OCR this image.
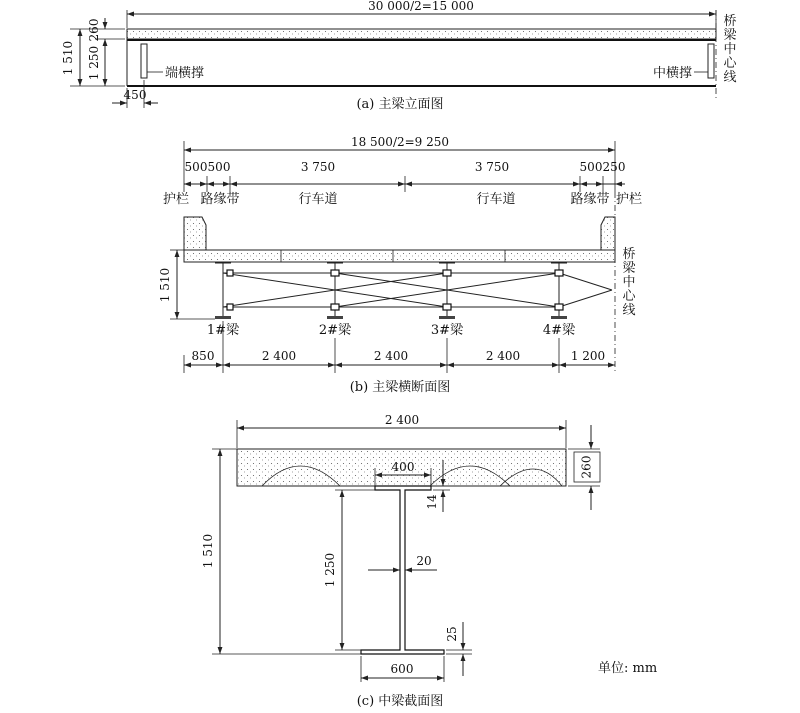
30 000/2=15 000
端横撑	中横撑
桥
梁
中
心
线
1 510
260
1 250
450
(a) 主梁立面图
18 500/2=9 250
500 500	3 750	3 750	500 250
护栏 路缘带	行车道	行车道	路缘带 护栏
桥
梁
中
心
线
1 510
1#梁	2#梁	3#梁	4#梁
850	2 400	2 400	2 400	1 200
(b) 主梁横断面图
2 400
260
400
14
20
1 250
1 510
25
600	单位: mm
(c) 中梁截面图
